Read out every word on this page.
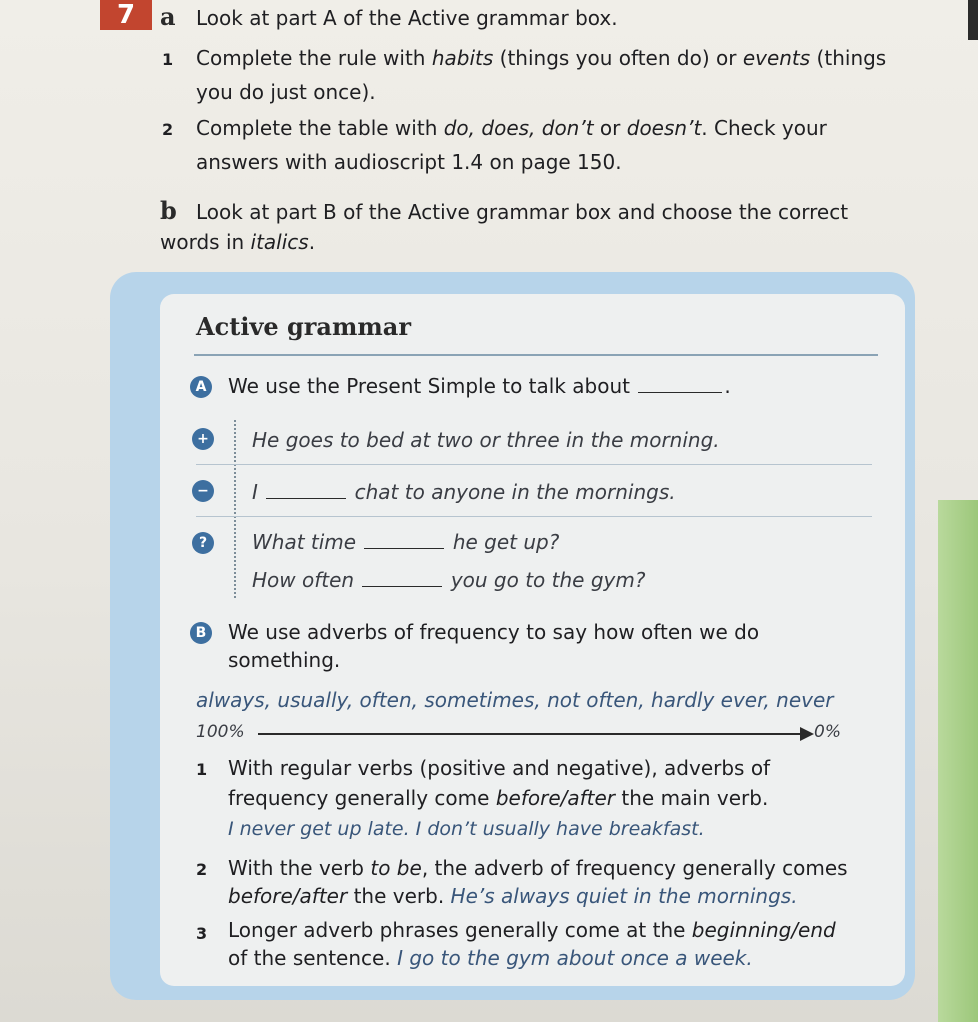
7	a Look at part A of the Active grammar box.
1 Complete the rule with habits (things you often do) or events (things
you do just once).
2 Complete the table with do, does, don’t or doesn’t. Check your
answers with audioscript 1.4 on page 150.
b Look at part B of the Active grammar box and choose the correct
words in italics.
Active grammar
A We use the Present Simple to talk about	.
+ He goes to bed at two or three in the morning.
− I	chat to anyone in the mornings.
?	What time	he get up?
How often	you go to the gym?
B We use adverbs of frequency to say how often we do
something.
always, usually, often, sometimes, not often, hardly ever, never
100%	0%
1 With regular verbs (positive and negative), adverbs of
frequency generally come before/after the main verb.
I never get up late. I don’t usually have breakfast.
2 With the verb to be, the adverb of frequency generally comes
before/after the verb. He’s always quiet in the mornings.
3 Longer adverb phrases generally come at the beginning/end
of the sentence. I go to the gym about once a week.
